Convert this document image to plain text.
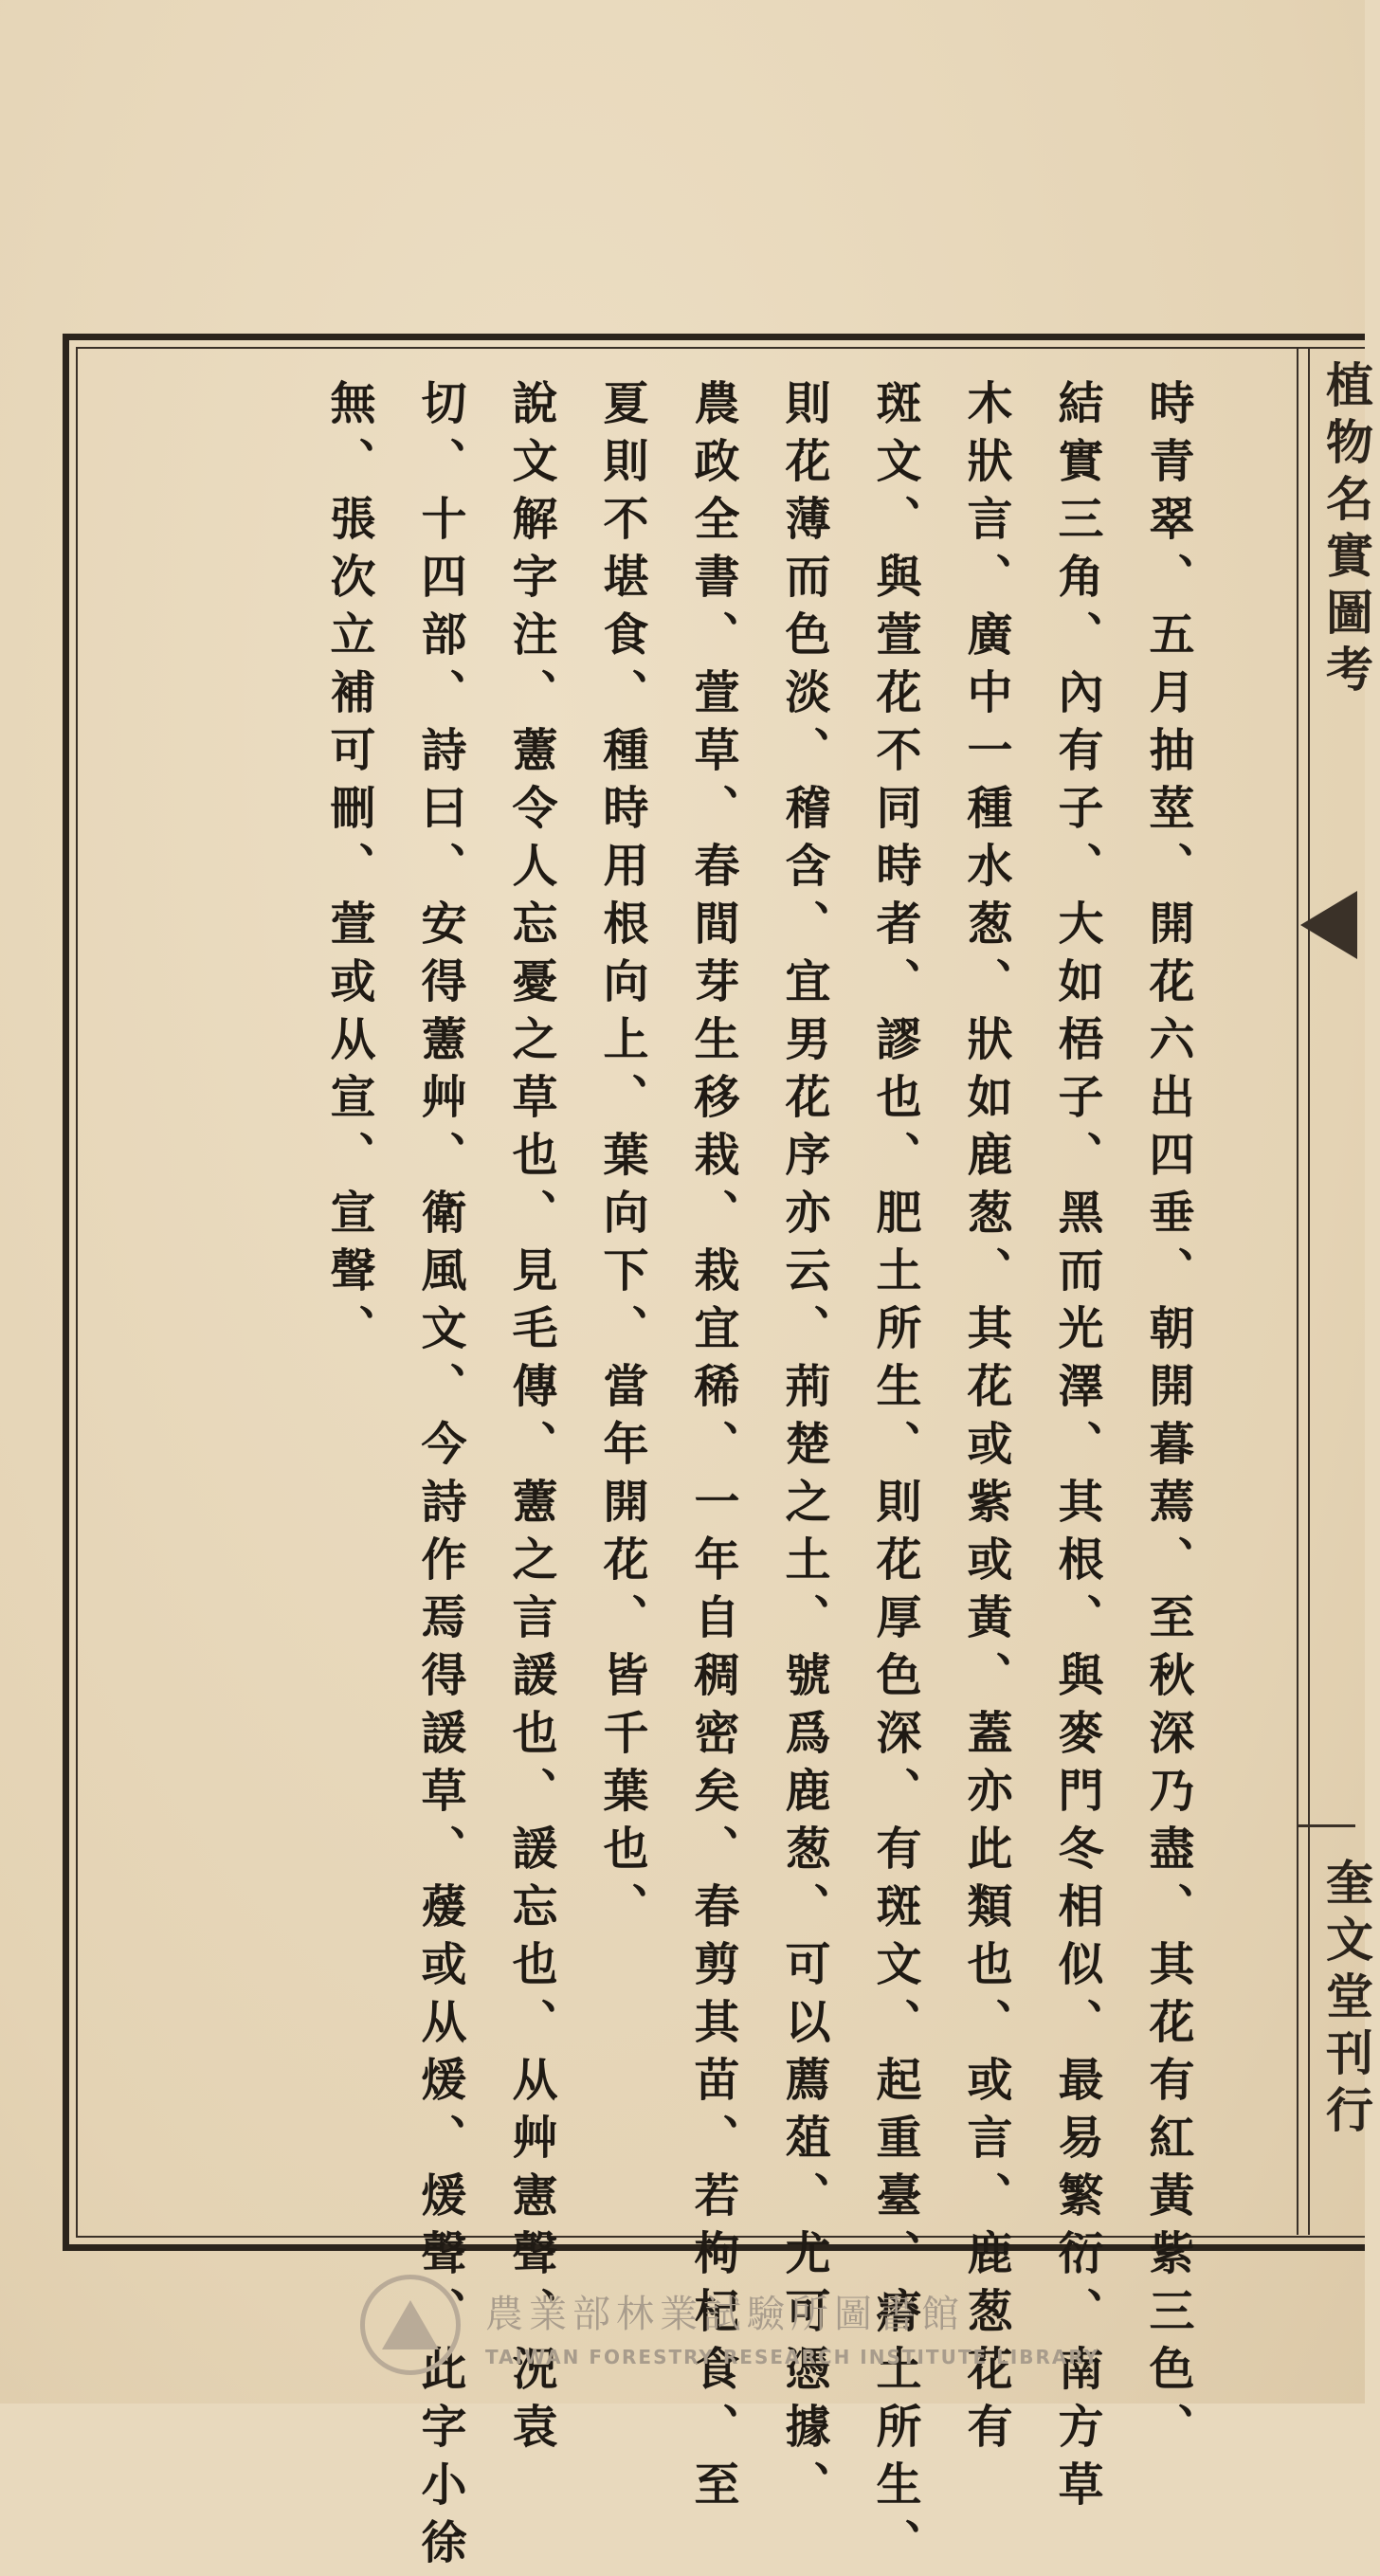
植物名實圖考
奎文堂刊行
時青翠、五月抽莖、開花六出四垂、朝開暮蔫、至秋深乃盡、其花有紅黃紫三色、
結實三角、內有子、大如梧子、黑而光澤、其根、與麥門冬相似、最易繁衍、南方草
木狀言、廣中一種水葱、狀如鹿葱、其花或紫或黃、蓋亦此類也、或言、鹿葱花有
斑文、與萱花不同時者、謬也、肥土所生、則花厚色深、有斑文、起重臺、瘠土所生、
則花薄而色淡、稽含、宜男花序亦云、荊楚之土、號爲鹿葱、可以薦葅、尤可憑據、
農政全書、萱草、春間芽生移栽、栽宜稀、一年自稠密矣、春剪其苗、若枸杞食、至
夏則不堪食、種時用根向上、葉向下、當年開花、皆千葉也、
說文解字注、藼令人忘憂之草也、見毛傳、藼之言諼也、諼忘也、从艸憲聲、況袁
切、十四部、詩曰、安得藼艸、衛風文、今詩作焉得諼草、蕿或从煖、煖聲、此字小徐
無、張次立補可刪、萱或从宣、宣聲、
農業部林業試驗所圖書館
TAIWAN FORESTRY RESEARCH INSTITUTE LIBRARY
